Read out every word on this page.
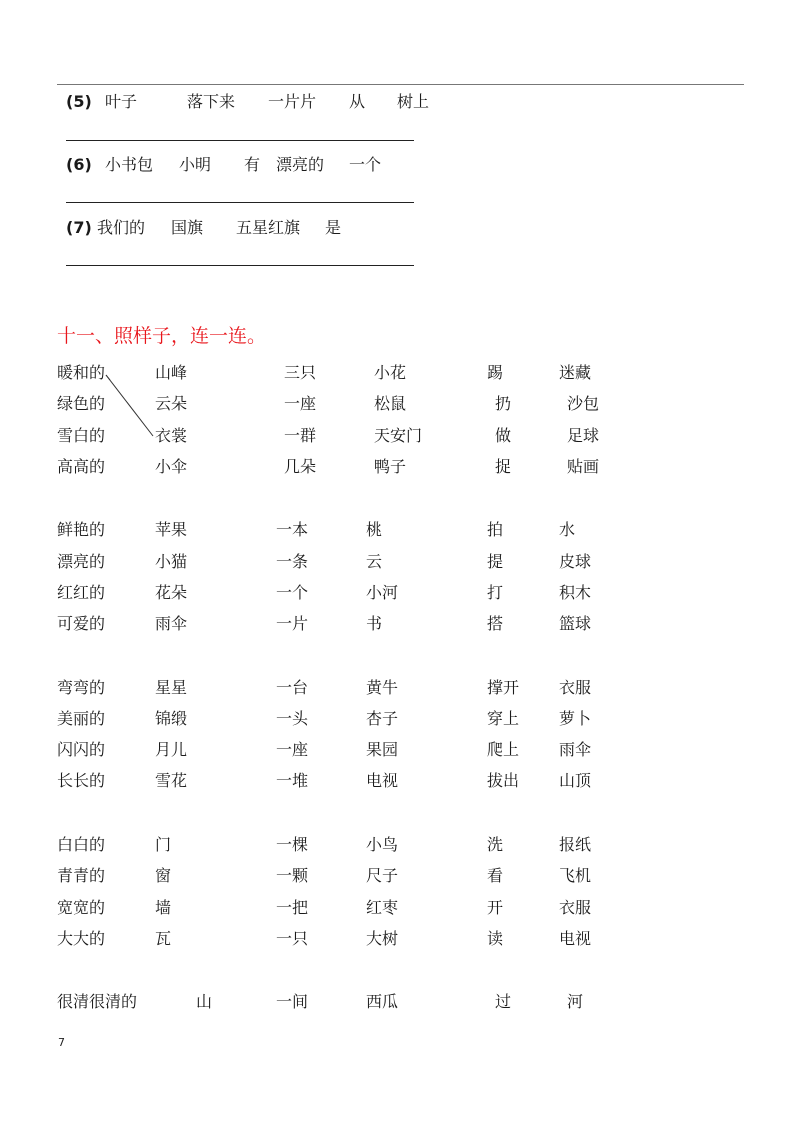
(5) 叶子	落下来 一片片 从 树上
(6) 小书包 小明 有 漂亮的 一个
(7) 我们的 国旗 五星红旗 是
十一、照样子，连一连。
暖和的	山峰	三只	小花	踢	迷藏
绿色的	云朵	一座	松鼠	扔	沙包
雪白的	衣裳	一群	天安门	做	足球
高高的	小伞	几朵	鸭子	捉	贴画
鲜艳的	苹果	一本	桃	拍	水
漂亮的	小猫	一条	云	提	皮球
红红的	花朵	一个	小河	打	积木
可爱的	雨伞	一片	书	搭	篮球
弯弯的	星星	一台	黄牛	撑开 衣服
美丽的	锦缎	一头	杏子	穿上 萝卜
闪闪的	月儿	一座	果园	爬上 雨伞
长长的	雪花	一堆	电视	拔出 山顶
白白的	门	一棵	小鸟	洗	报纸
青青的	窗	一颗	尺子	看	飞机
宽宽的	墙	一把	红枣	开	衣服
大大的	瓦	一只	大树	读	电视
很清很清的	山	一间	西瓜	过	河
7
